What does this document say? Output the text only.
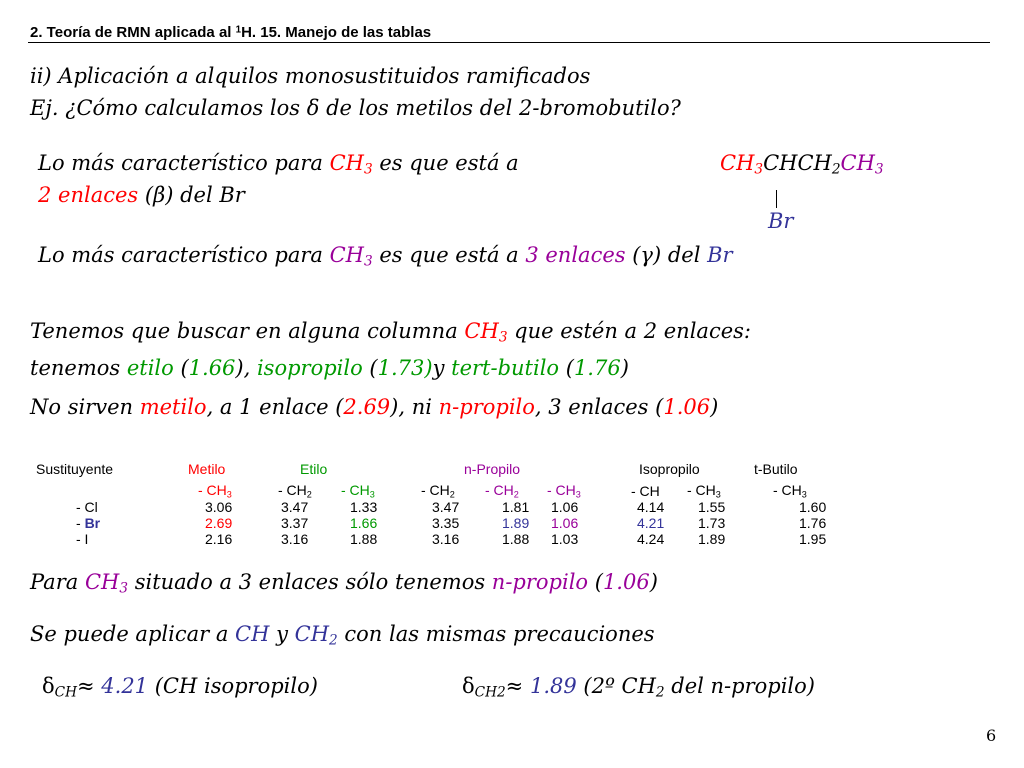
2. Teoría de RMN aplicada al $^1$H. 15. Manejo de las tablas
ii) Aplicación a alquilos monosustituidos ramificados
Ej. ¿Cómo calculamos los δ de los metilos del 2-bromobutilo?
Lo más característico para $CH_3$ es que está a	$CH_3CHCH_2CH_3$
Br
2 enlaces (β) del Br
Lo más característico para $CH_3$ es que está a 3 enlaces (γ) del Br
Tenemos que buscar en alguna columna $CH_3$ que estén a 2 enlaces:
tenemos etilo (1.66), isopropilo (1.73)y tert-butilo (1.76)
No sirven metilo, a 1 enlace (2.69), ni n-propilo, 3 enlaces (1.06)
Sustituyente	Metilo	Etilo	n-Propilo	Isopropilo	t-Butilo
	- $CH_3$	- $CH_2$	- $CH_3$	- $CH_2$	- $CH_2$	- $CH_3$	- CH	- $CH_3$	- $CH_3$
- Cl	3.06	3.47	1.33	3.47	1.81	1.06	4.14	1.55	1.60
- Br	2.69	3.37	1.66	3.35	1.89	1.06	4.21	1.73	1.76
- I	2.16	3.16	1.88	3.16	1.88	1.03	4.24	1.89	1.95
Para $CH_3$ situado a 3 enlaces sólo tenemos n-propilo (1.06)
Se puede aplicar a CH y $CH_2$ con las mismas precauciones
$\delta_{CH}\approx 4.21$ (CH isopropilo)	$\delta_{CH2}\approx 1.89$ (2º $CH_2$ del n-propilo)
6
